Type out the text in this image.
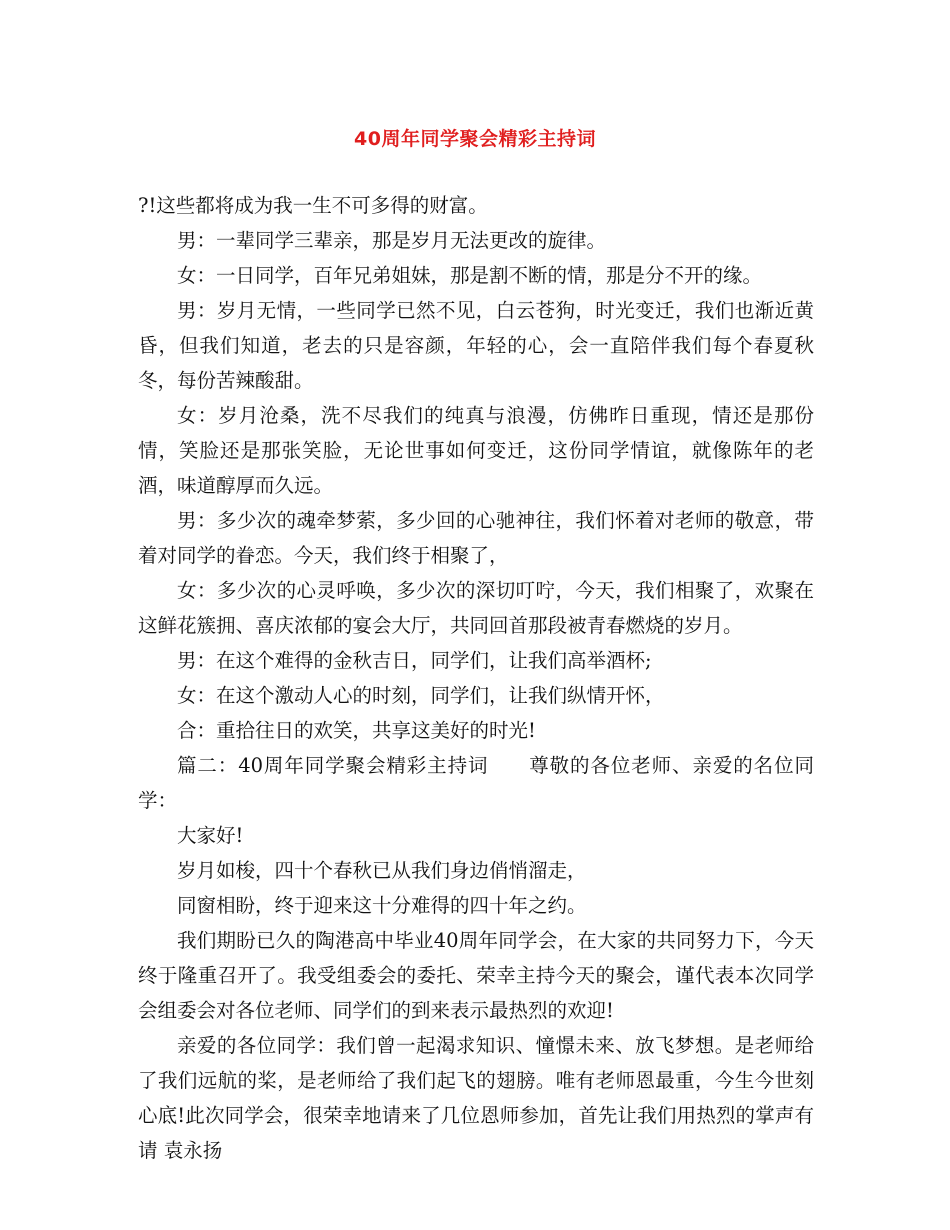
40周年同学聚会精彩主持词

?!这些都将成为我一生不可多得的财富。

男：一辈同学三辈亲，那是岁月无法更改的旋律。

女：一日同学，百年兄弟姐妹，那是割不断的情，那是分不开的缘。

男：岁月无情，一些同学已然不见，白云苍狗，时光变迁，我们也渐近黄昏，但我们知道，老去的只是容颜，年轻的心，会一直陪伴我们每个春夏秋冬，每份苦辣酸甜。

女：岁月沧桑，洗不尽我们的纯真与浪漫，仿佛昨日重现，情还是那份情，笑脸还是那张笑脸，无论世事如何变迁，这份同学情谊，就像陈年的老酒，味道醇厚而久远。

男：多少次的魂牵梦萦，多少回的心驰神往，我们怀着对老师的敬意，带着对同学的眷恋。今天，我们终于相聚了，

女：多少次的心灵呼唤，多少次的深切叮咛，今天，我们相聚了，欢聚在这鲜花簇拥、喜庆浓郁的宴会大厅，共同回首那段被青春燃烧的岁月。

男：在这个难得的金秋吉日，同学们，让我们高举酒杯;

女：在这个激动人心的时刻，同学们，让我们纵情开怀，

合：重拾往日的欢笑，共享这美好的时光!

篇二：40周年同学聚会精彩主持词　　尊敬的各位老师、亲爱的名位同学：

大家好!

岁月如梭，四十个春秋已从我们身边俏悄溜走，

同窗相盼，终于迎来这十分难得的四十年之约。

我们期盼已久的陶港高中毕业40周年同学会，在大家的共同努力下，今天终于隆重召开了。我受组委会的委托、荣幸主持今天的聚会，谨代表本次同学会组委会对各位老师、同学们的到来表示最热烈的欢迎!

亲爱的各位同学：我们曾一起渴求知识、憧憬未来、放飞梦想。是老师给了我们远航的桨，是老师给了我们起飞的翅膀。唯有老师恩最重，今生今世刻心底!此次同学会，很荣幸地请来了几位恩师参加，首先让我们用热烈的掌声有请 袁永扬
